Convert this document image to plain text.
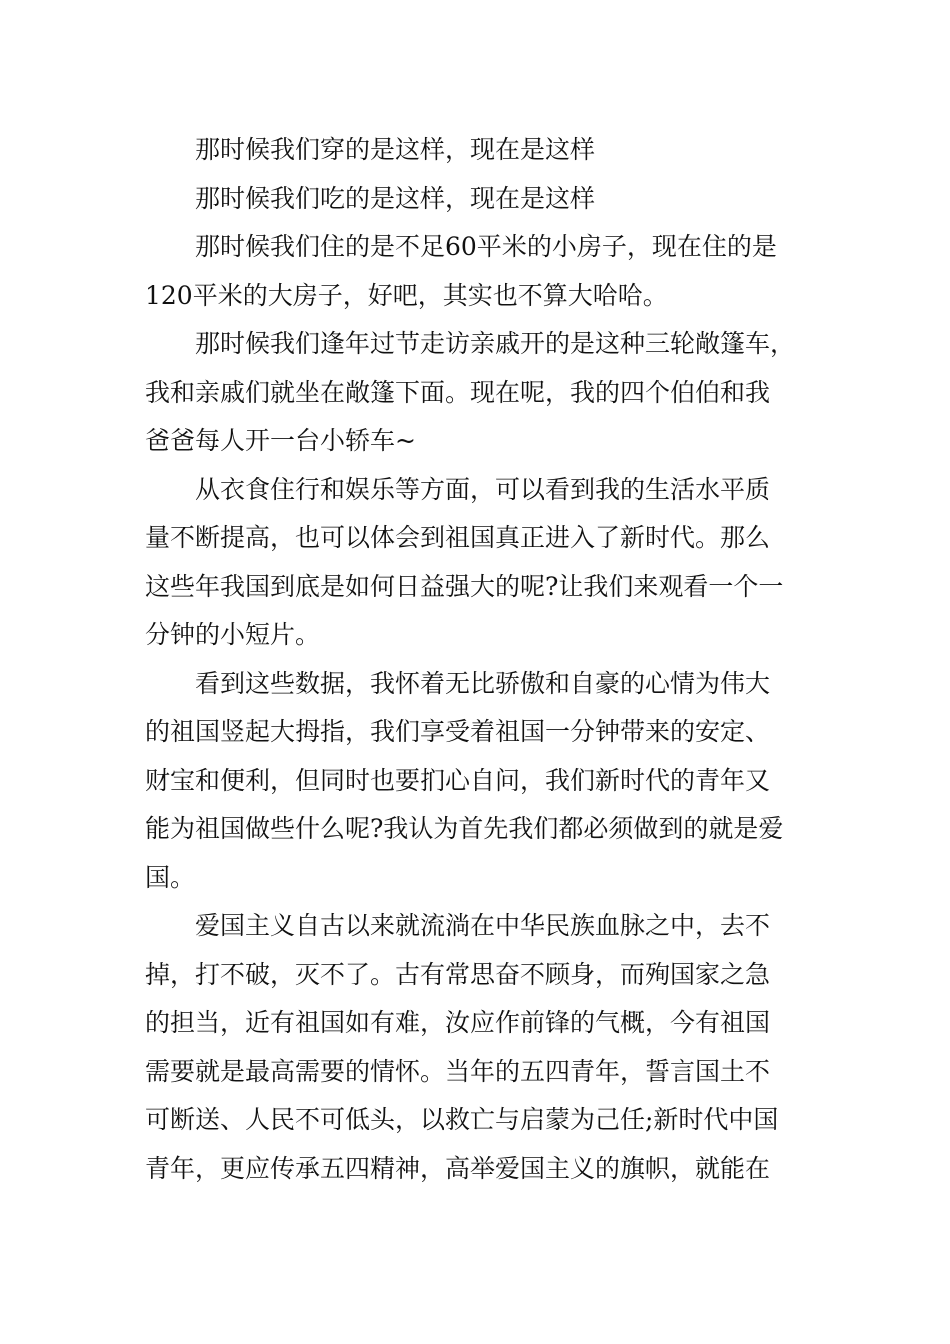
那时候我们穿的是这样，现在是这样

那时候我们吃的是这样，现在是这样

那时候我们住的是不足60平米的小房子，现在住的是
120平米的大房子，好吧，其实也不算大哈哈。

那时候我们逢年过节走访亲戚开的是这种三轮敞篷车，
我和亲戚们就坐在敞篷下面。现在呢，我的四个伯伯和我
爸爸每人开一台小轿车~

从衣食住行和娱乐等方面，可以看到我的生活水平质
量不断提高，也可以体会到祖国真正进入了新时代。那么
这些年我国到底是如何日益强大的呢?让我们来观看一个一
分钟的小短片。

看到这些数据，我怀着无比骄傲和自豪的心情为伟大
的祖国竖起大拇指，我们享受着祖国一分钟带来的安定、
财宝和便利，但同时也要扪心自问，我们新时代的青年又
能为祖国做些什么呢?我认为首先我们都必须做到的就是爱
国。

爱国主义自古以来就流淌在中华民族血脉之中，去不
掉，打不破，灭不了。古有常思奋不顾身，而殉国家之急
的担当，近有祖国如有难，汝应作前锋的气概，今有祖国
需要就是最高需要的情怀。当年的五四青年，誓言国土不
可断送、人民不可低头，以救亡与启蒙为己任;新时代中国
青年，更应传承五四精神，高举爱国主义的旗帜，就能在
